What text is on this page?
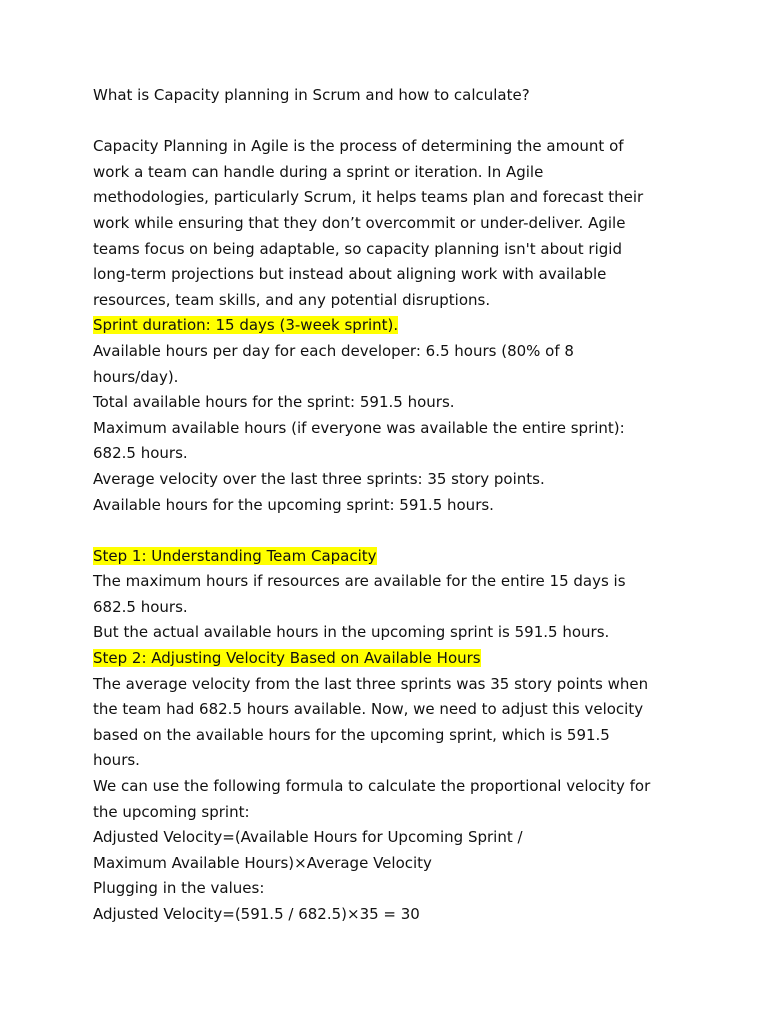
What is Capacity planning in Scrum and how to calculate?
Capacity Planning in Agile is the process of determining the amount of
work a team can handle during a sprint or iteration. In Agile
methodologies, particularly Scrum, it helps teams plan and forecast their
work while ensuring that they don’t overcommit or under-deliver. Agile
teams focus on being adaptable, so capacity planning isn't about rigid
long-term projections but instead about aligning work with available
resources, team skills, and any potential disruptions.
Sprint duration: 15 days (3-week sprint).
Available hours per day for each developer: 6.5 hours (80% of 8
hours/day).
Total available hours for the sprint: 591.5 hours.
Maximum available hours (if everyone was available the entire sprint):
682.5 hours.
Average velocity over the last three sprints: 35 story points.
Available hours for the upcoming sprint: 591.5 hours.
Step 1: Understanding Team Capacity
The maximum hours if resources are available for the entire 15 days is
682.5 hours.
But the actual available hours in the upcoming sprint is 591.5 hours.
Step 2: Adjusting Velocity Based on Available Hours
The average velocity from the last three sprints was 35 story points when
the team had 682.5 hours available. Now, we need to adjust this velocity
based on the available hours for the upcoming sprint, which is 591.5
hours.
We can use the following formula to calculate the proportional velocity for
the upcoming sprint:
Adjusted Velocity=(Available Hours for Upcoming Sprint /
Maximum Available Hours)×Average Velocity
Plugging in the values:
Adjusted Velocity=(591.5 / 682.5)×35 = 30
